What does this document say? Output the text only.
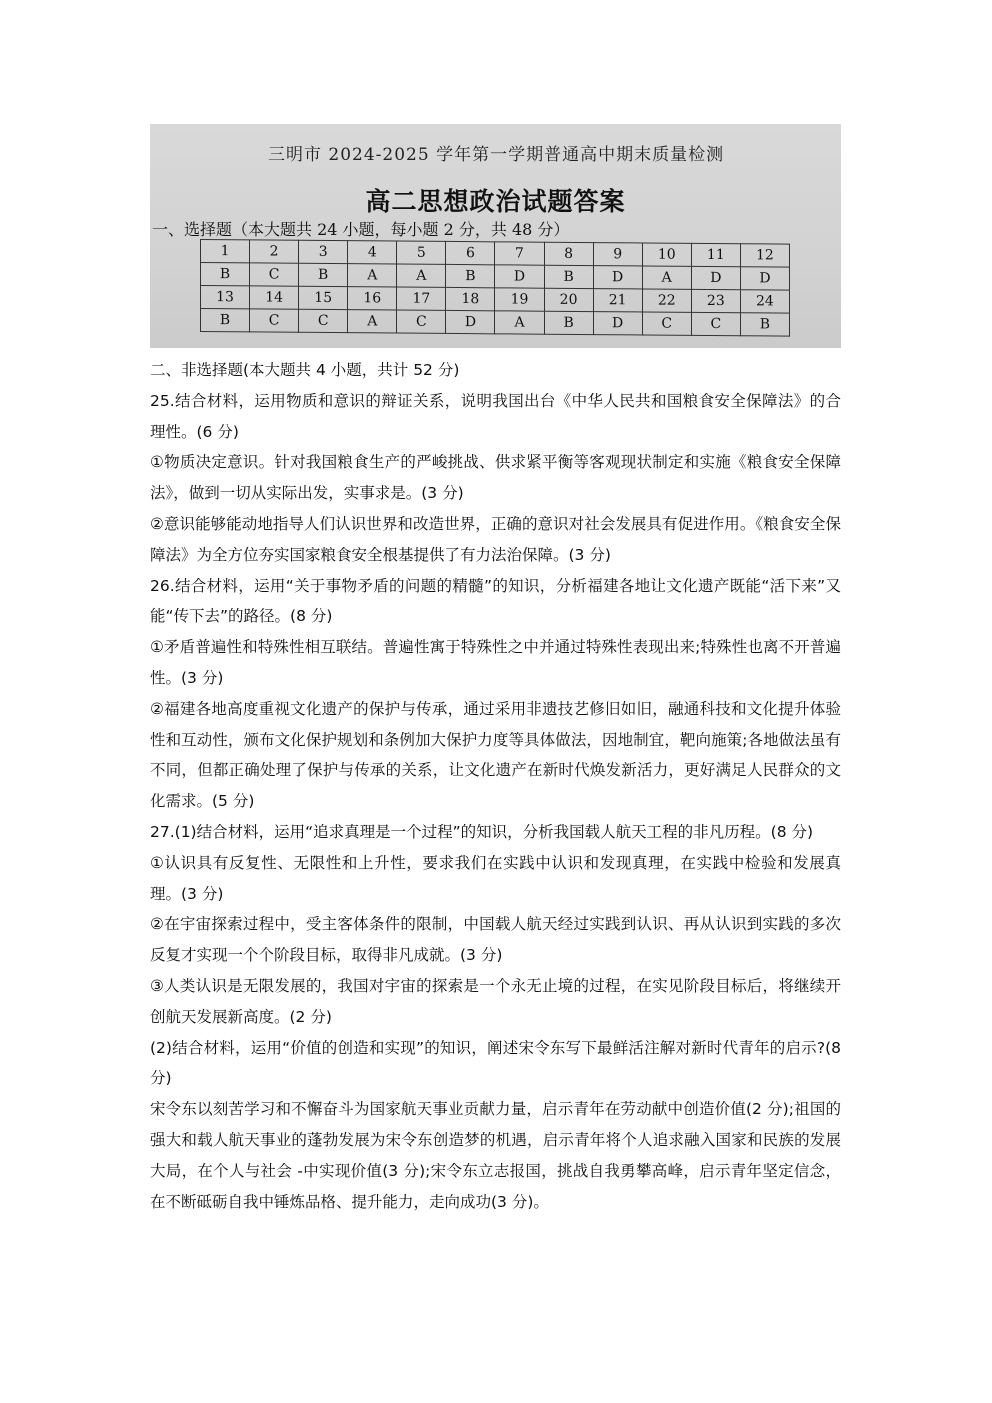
三明市 2024-2025 学年第一学期普通高中期末质量检测
高二思想政治试题答案
一、选择题（本大题共 24 小题，每小题 2 分，共 48 分）
1	2	3	4	5	6	7	8	9	10	11	12
B	C	B	A	A	B	D	B	D	A	D	D
13	14	15	16	17	18	19	20	21	22	23	24
B	C	C	A	C	D	A	B	D	C	C	B

二、非选择题(本大题共 4 小题，共计 52 分)

25.结合材料，运用物质和意识的辩证关系，说明我国出台《中华人民共和国粮食安全保障法》的合理性。(6 分)

①物质决定意识。针对我国粮食生产的严峻挑战、供求紧平衡等客观现状制定和实施《粮食安全保障法》，做到一切从实际出发，实事求是。(3 分)

②意识能够能动地指导人们认识世界和改造世界，正确的意识对社会发展具有促进作用。《粮食安全保障法》为全方位夯实国家粮食安全根基提供了有力法治保障。(3 分)

26.结合材料，运用“关于事物矛盾的问题的精髓”的知识，分析福建各地让文化遗产既能“活下来”又能“传下去”的路径。(8 分)

①矛盾普遍性和特殊性相互联结。普遍性寓于特殊性之中并通过特殊性表现出来;特殊性也离不开普遍性。(3 分)

②福建各地高度重视文化遗产的保护与传承，通过采用非遗技艺修旧如旧，融通科技和文化提升体验性和互动性，颁布文化保护规划和条例加大保护力度等具体做法，因地制宜，靶向施策;各地做法虽有不同，但都正确处理了保护与传承的关系，让文化遗产在新时代焕发新活力，更好满足人民群众的文化需求。(5 分)

27.(1)结合材料，运用“追求真理是一个过程”的知识，分析我国载人航天工程的非凡历程。(8 分)

①认识具有反复性、无限性和上升性，要求我们在实践中认识和发现真理，在实践中检验和发展真理。(3 分)

②在宇宙探索过程中，受主客体条件的限制，中国载人航天经过实践到认识、再从认识到实践的多次反复才实现一个个阶段目标，取得非凡成就。(3 分)

③人类认识是无限发展的，我国对宇宙的探索是一个永无止境的过程，在实见阶段目标后，将继续开创航天发展新高度。(2 分)

(2)结合材料，运用“价值的创造和实现”的知识，阐述宋令东写下最鲜活注解对新时代青年的启示?(8 分)

宋令东以刻苦学习和不懈奋斗为国家航天事业贡献力量，启示青年在劳动献中创造价值(2 分);祖国的强大和载人航天事业的蓬勃发展为宋令东创造梦的机遇，启示青年将个人追求融入国家和民族的发展大局，在个人与社会 -中实现价值(3 分);宋令东立志报国，挑战自我勇攀高峰，启示青年坚定信念，在不断砥砺自我中锤炼品格、提升能力，走向成功(3 分)。
